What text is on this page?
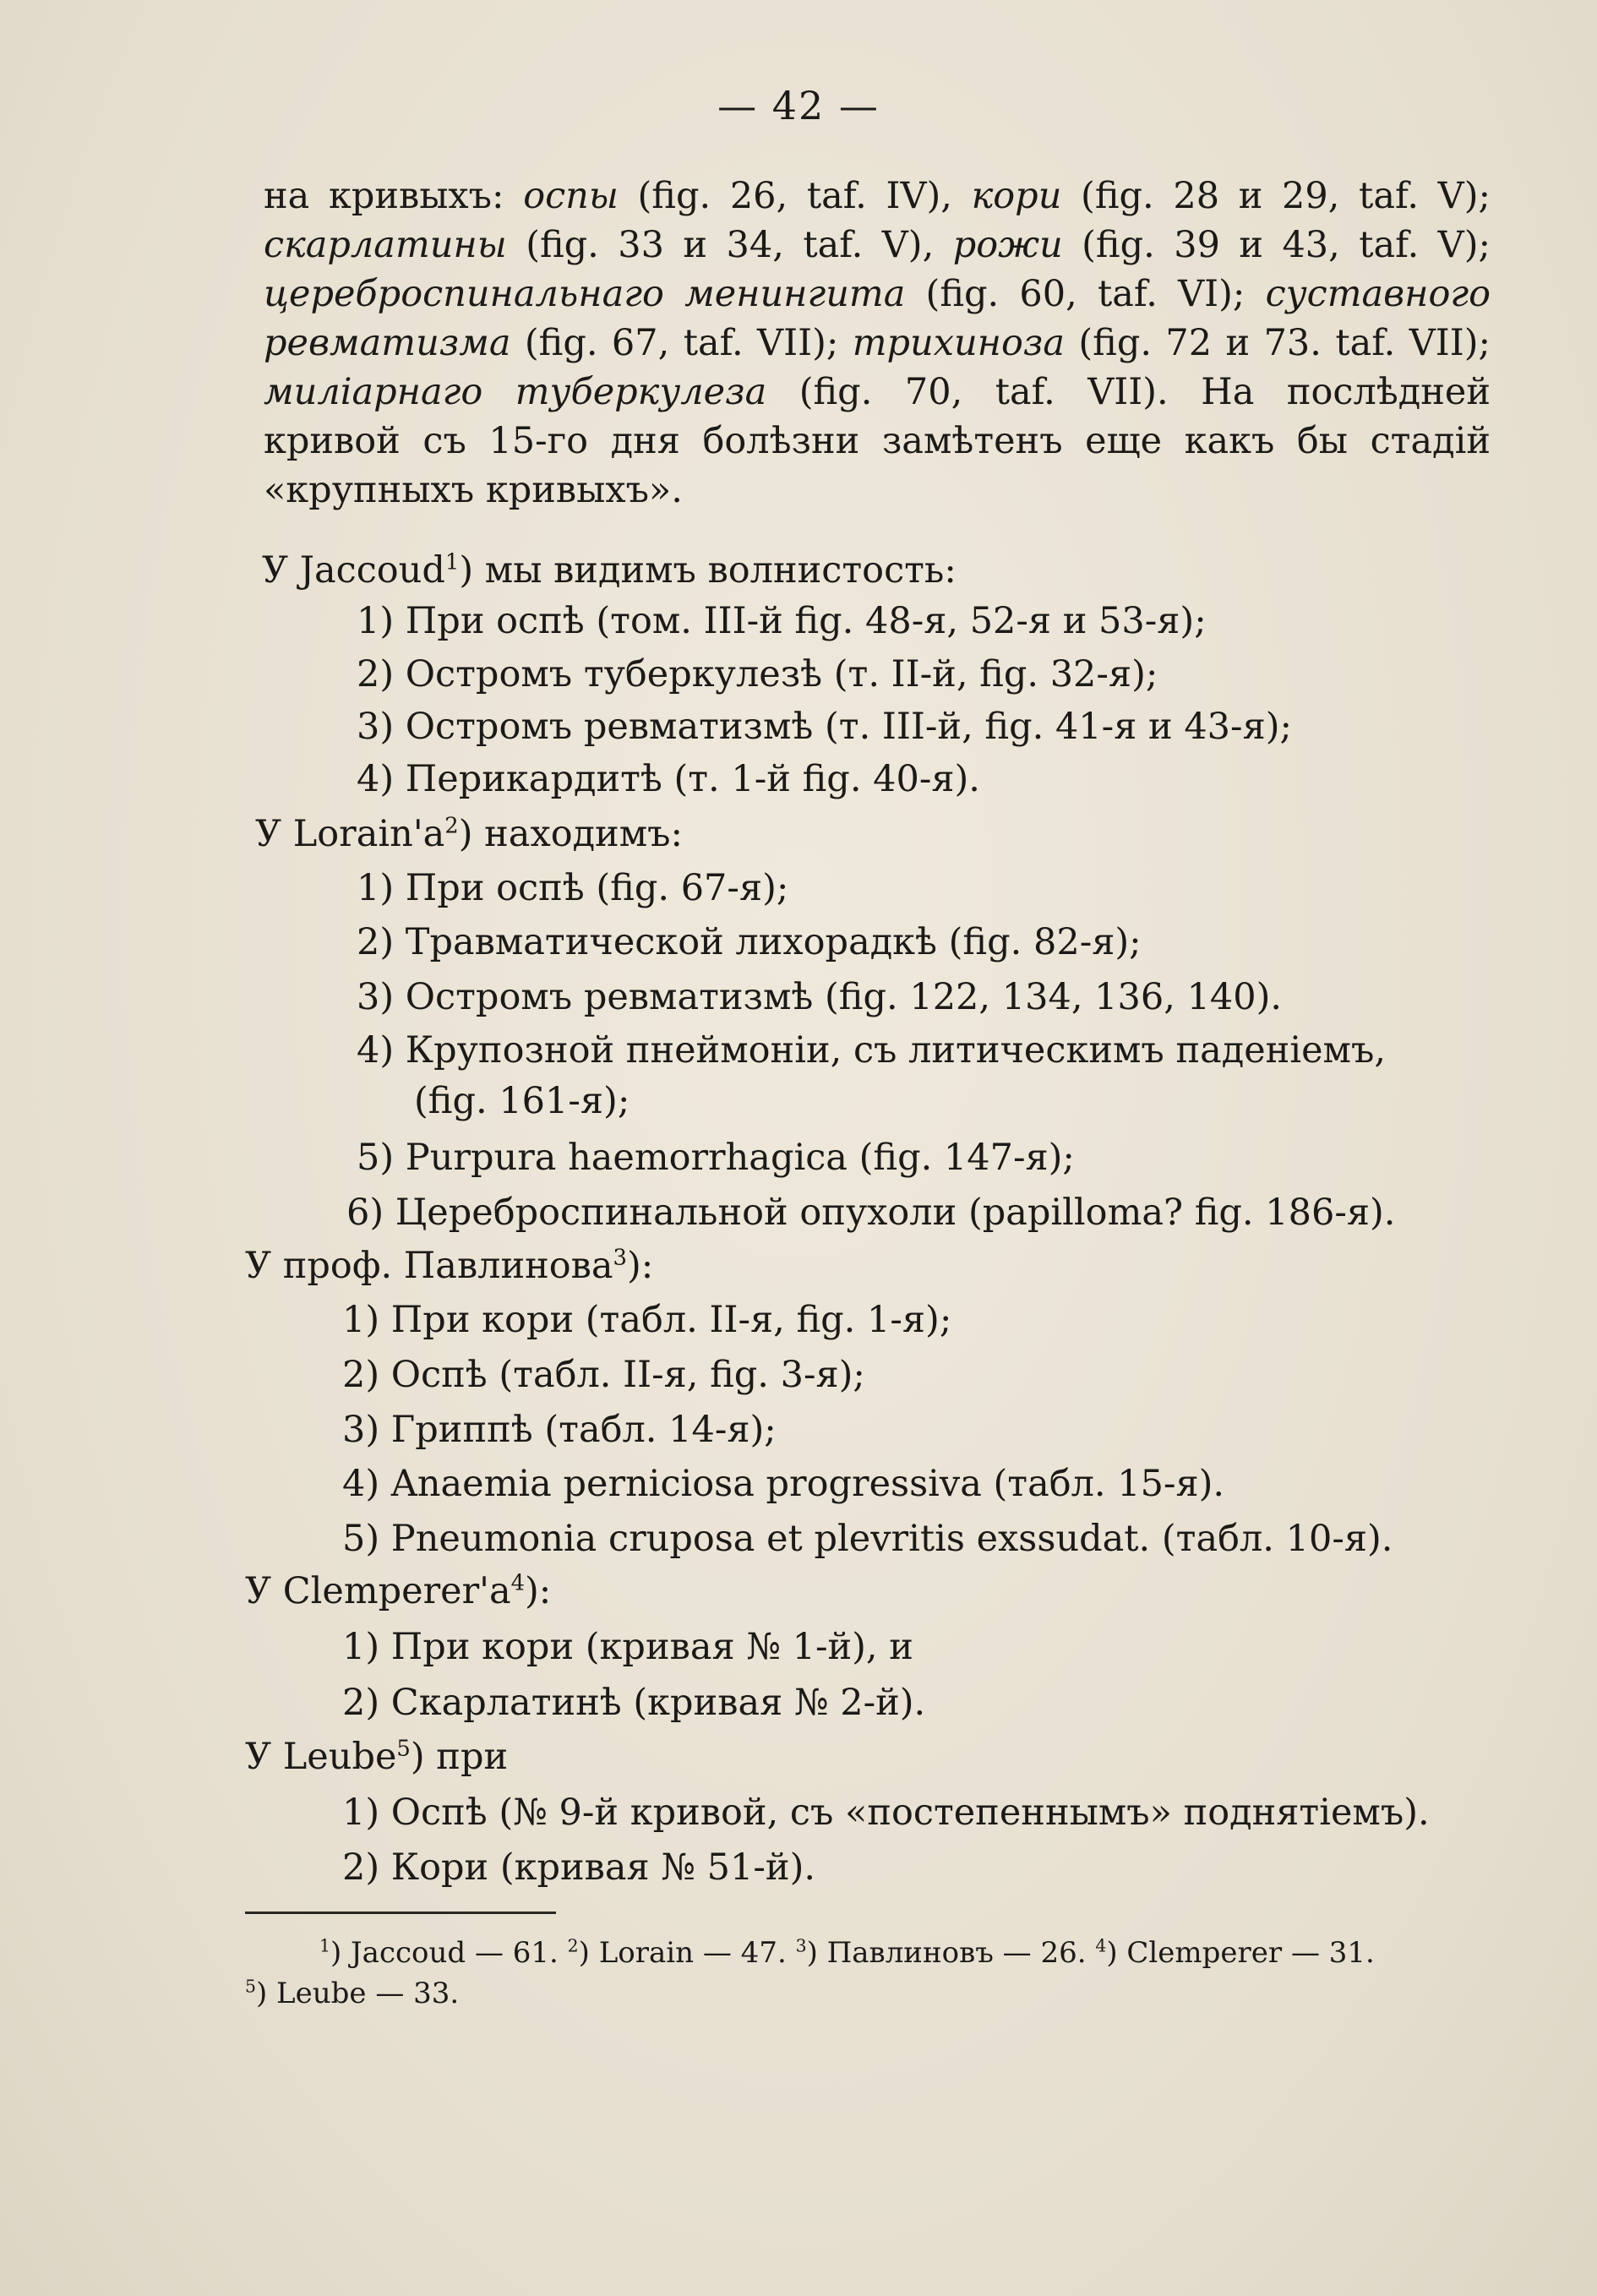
— 42 —

на кривыхъ: оспы (fig. 26, taf. IV), кори (fig. 28 и 29, taf. V); скарлатины (fig. 33 и 34, taf. V), рожи (fig. 39 и 43, taf. V); цереброспинальнаго менингита (fig. 60, taf. VI); суставного ревматизма (fig. 67, taf. VII); трихиноза (fig. 72 и 73. taf. VII); миліарнаго туберкулеза (fig. 70, taf. VII). На послѣдней кривой съ 15-го дня болѣзни замѣтенъ еще какъ бы стадій «крупныхъ кривыхъ».

У Jaccoud$^1$) мы видимъ волнистость:
1) При оспѣ (том. III-й fig. 48-я, 52-я и 53-я);
2) Остромъ туберкулезѣ (т. II-й, fig. 32-я);
3) Остромъ ревматизмѣ (т. III-й, fig. 41-я и 43-я);
4) Перикардитѣ (т. 1-й fig. 40-я).
У $Lorain'а^2$) находимъ:
1) При оспѣ (fig. 67-я);
2) Травматической лихорадкѣ (fig. 82-я);
3) Остромъ ревматизмѣ (fig. 122, 134, 136, 140).
4) Крупозной пнеймоніи, съ литическимъ паденіемъ,
(fig. 161-я);
5) Purpura haemorrhagica (fig. 147-я);
6) Цереброспинальной опухоли (papilloma? fig. 186-я).
У проф. Павлинова$^3$):
1) При кори (табл. II-я, fig. 1-я);
2) Оспѣ (табл. II-я, fig. 3-я);
3) Гриппѣ (табл. 14-я);
4) Anaemia perniciosa progressiva (табл. 15-я).
5) Pneumonia cruposa et plevritis exssudat. (табл. 10-я).
У $Clemperer'а^4$):
1) При кори (кривая № 1-й), и
2) Скарлатинѣ (кривая № 2-й).
У Leube$^5$) при
1) Оспѣ (№ 9-й кривой, съ «постепеннымъ» поднятіемъ).
2) Кори (кривая № 51-й).
$^1$) Jaccoud — 61. $^2$) Lorain — 47. $^3$) Павлиновъ — 26. $^4$) Clemperer — 31.
$^5$) Leube — 33.
